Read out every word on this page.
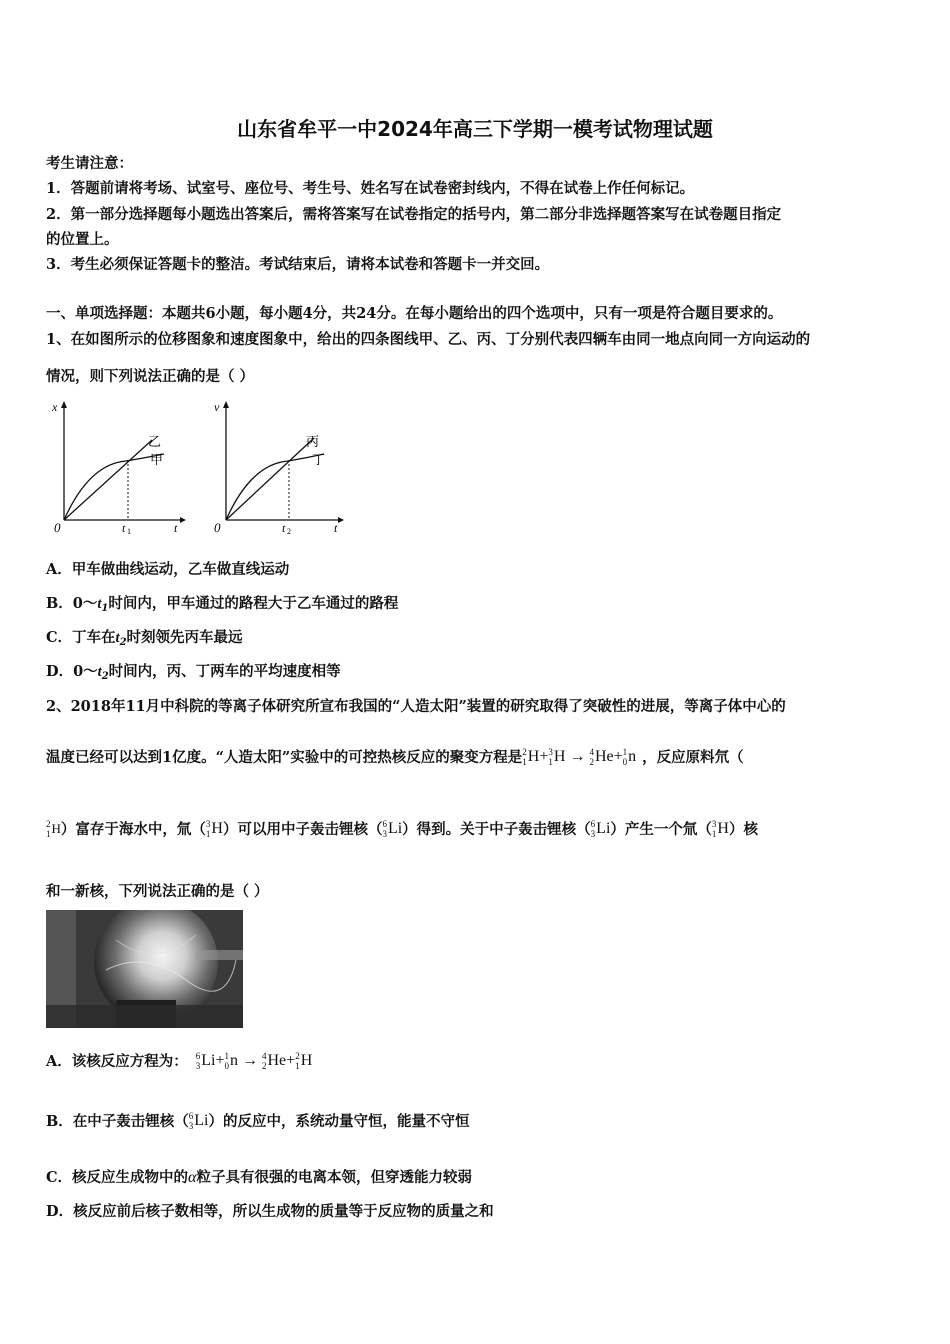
山东省牟平一中2024年高三下学期一模考试物理试题
考生请注意：
1．答题前请将考场、试室号、座位号、考生号、姓名写在试卷密封线内，不得在试卷上作任何标记。
2．第一部分选择题每小题选出答案后，需将答案写在试卷指定的括号内，第二部分非选择题答案写在试卷题目指定
的位置上。
3．考生必须保证答题卡的整洁。考试结束后，请将本试卷和答题卡一并交回。
一、单项选择题：本题共6小题，每小题4分，共24分。在每小题给出的四个选项中，只有一项是符合题目要求的。
1、在如图所示的位移图象和速度图象中，给出的四条图线甲、乙、丙、丁分别代表四辆车由同一地点向同一方向运动的
情况，则下列说法正确的是（ ）
x
t
0	t 1
乙
甲
v
t
0	t 2
丙
丁
A．甲车做曲线运动，乙车做直线运动
B．$0\sim t_1$时间内，甲车通过的路程大于乙车通过的路程
C．丁车在$t_2$时刻领先丙车最远
D．$0\sim t_2$时间内，丙、丁两车的平均速度相等
2、2018年11月中科院的等离子体研究所宣布我国的“人造太阳”装置的研究取得了突破性的进展，等离子体中心的
温度已经可以达到1亿度。“人造太阳”实验中的可控热核反应的聚变方程是 2
1 H + 3
1 H → 4
2 He + 1
0 n ，反应原料氘（
2
1 H ）富存于海水中，氚（ 3
1 H ）可以用中子轰击锂核（ 6
3 Li ）得到。关于中子轰击锂核（ 6
3 Li ）产生一个氚（ 3
1 H ）核
和一新核，下列说法正确的是（ ）
A．该核反应方程为： 6
3 Li + 1
0 n → 4
2 He + 2
1 H
B．在中子轰击锂核（ 6
3 Li ）的反应中，系统动量守恒，能量不守恒
C．核反应生成物中的α粒子具有很强的电离本领，但穿透能力较弱
D．核反应前后核子数相等，所以生成物的质量等于反应物的质量之和
